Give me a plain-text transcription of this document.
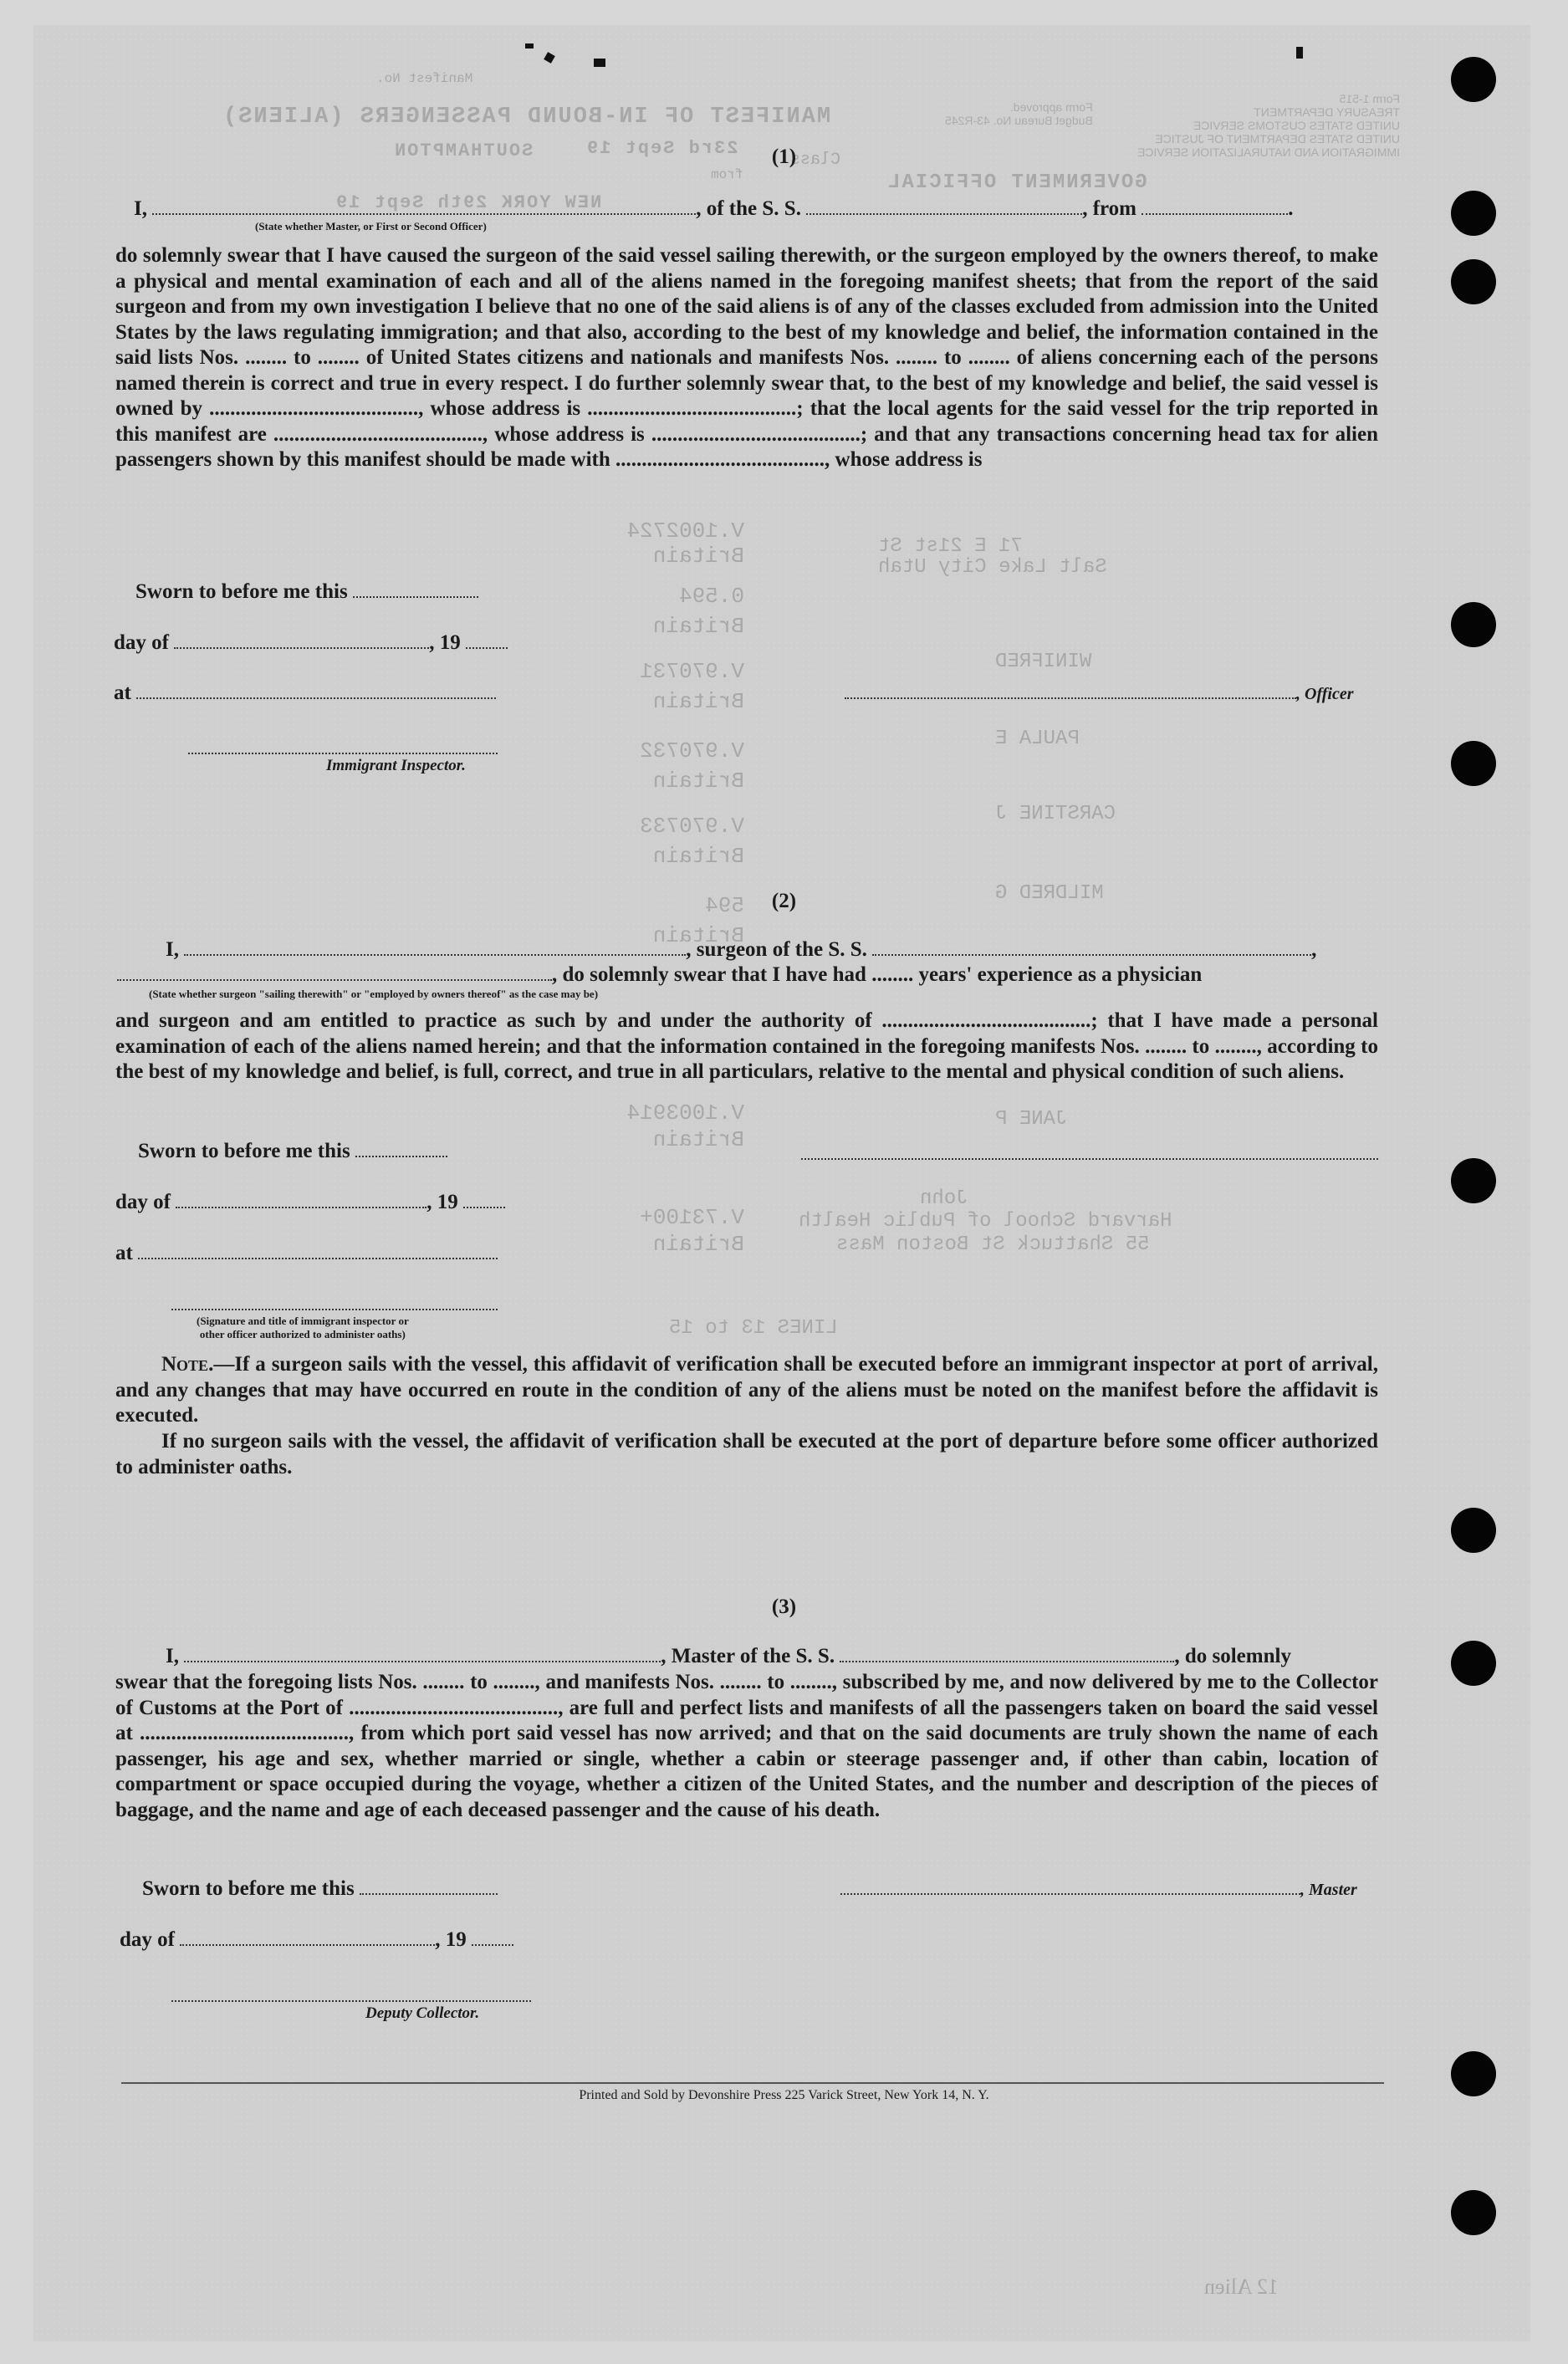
MANIFEST OF IN-BOUND PASSENGERS (ALIENS)
Manifest No.
SOUTHAMPTON	23rd Sept 19
Class
from
NEW YORK 29th Sept 19
GOVERNMENT OFFICIAL
Form approved.
Budget Bureau No. 43-R245
Form 1-515
TREASURY DEPARTMENT
UNITED STATES CUSTOMS SERVICE
UNITED STATES DEPARTMENT OF JUSTICE
IMMIGRATION AND NATURALIZATION SERVICE
V.1002724 Britain
0.594 Britain
V.970731 Britain
V.970732 Britain
V.970733 Britain
594 Britain
V.1003914 Britain
V.73100+ Britain
WINIFRED
PAULA E
CARSTINE J
MILDRED G
JANE P
71 E 21st St
Salt Lake City Utah
John
Harvard School of Public Health
55 Shattuck St Boston Mass
LINES 13 to 15
12 Alien
(1)
I,	, of the S. S.	, from	.
(State whether Master, or First or Second Officer)
do solemnly swear that I have caused the surgeon of the said vessel sailing therewith, or the surgeon employed by the owners thereof, to make a physical and mental examination of each and all of the aliens named in the foregoing manifest sheets; that from the report of the said surgeon and from my own investigation I believe that no one of the said aliens is of any of the classes excluded from admission into the United States by the laws regulating immigration; and that also, according to the best of my knowledge and belief, the information contained in the said lists Nos. ........ to ........ of United States citizens and nationals and manifests Nos. ........ to ........ of aliens concerning each of the persons named therein is correct and true in every respect. I do further solemnly swear that, to the best of my knowledge and belief, the said vessel is owned by ........................................, whose address is ........................................; that the local agents for the said vessel for the trip reported in this manifest are ........................................, whose address is ........................................; and that any transactions concerning head tax for alien passengers shown by this manifest should be made with ........................................, whose address is
Sworn to before me this
day of	, 19
at	, Officer
Immigrant Inspector.
(2)
I,	, surgeon of the S. S.	,
, do solemnly swear that I have had ........ years' experience as a physician
(State whether surgeon "sailing therewith" or "employed by owners thereof" as the case may be)
and surgeon and am entitled to practice as such by and under the authority of ........................................; that I have made a personal examination of each of the aliens named herein; and that the information contained in the foregoing manifests Nos. ........ to ........, according to the best of my knowledge and belief, is full, correct, and true in all particulars, relative to the mental and physical condition of such aliens.
Sworn to before me this
day of	, 19
at
(Signature and title of immigrant inspector or
other officer authorized to administer oaths)
Note.—If a surgeon sails with the vessel, this affidavit of verification shall be executed before an immigrant inspector at port of arrival, and any changes that may have occurred en route in the condition of any of the aliens must be noted on the manifest before the affidavit is executed.
If no surgeon sails with the vessel, the affidavit of verification shall be executed at the port of departure before some officer authorized to administer oaths.
(3)
I,	, Master of the S. S.	, do solemnly
swear that the foregoing lists Nos. ........ to ........, and manifests Nos. ........ to ........, subscribed by me, and now delivered by me to the Collector of Customs at the Port of ........................................, are full and perfect lists and manifests of all the passengers taken on board the said vessel at ........................................, from which port said vessel has now arrived; and that on the said documents are truly shown the name of each passenger, his age and sex, whether married or single, whether a cabin or steerage passenger and, if other than cabin, location of compartment or space occupied during the voyage, whether a citizen of the United States, and the number and description of the pieces of baggage, and the name and age of each deceased passenger and the cause of his death.
Sworn to before me this	, Master
day of	, 19
Deputy Collector.
Printed and Sold by Devonshire Press 225 Varick Street, New York 14, N. Y.
